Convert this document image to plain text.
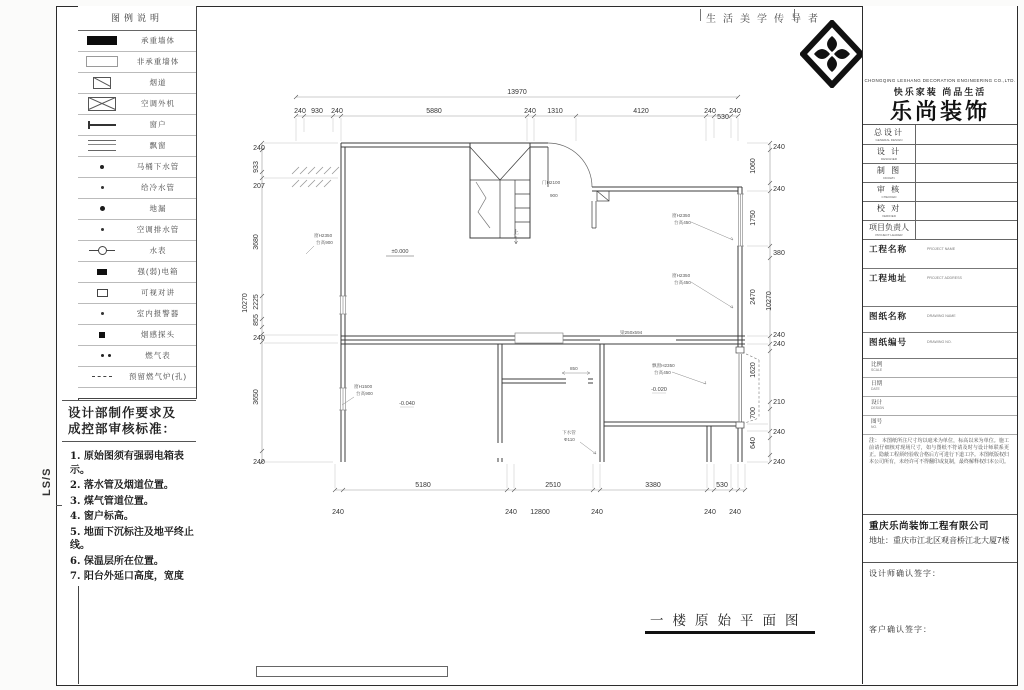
LS/S
图例说明
承重墙体
非承重墙体
烟道
空调外机
窗户
飘窗
马桶下水管
给冷水管
地漏
空调排水管
水表
强(弱)电箱
可视对讲
室内报警器
烟感探头
燃气表
预留燃气炉(孔)
设计部制作要求及
成控部审核标准：
1. 原始图须有强弱电箱表示。
2. 落水管及烟道位置。
3. 煤气管道位置。
4. 窗户标高。
5. 地面下沉标注及地平终止线。
6. 保温层所在位置。
7. 阳台外延口高度，宽度
生活美学传导者
13970
240 930 240	5880	240 1310	4120	240
530
240
240
933
207
3680
2225
855
240
3650
240
10270
240
240
380
240
240
210
240
240
1060
1750
2470
1620
700
640
10270
5180	2510	3380	530
240	240 12800	240	240 240
±0.000
-0.040
-0.020
上
门H2100
900
窗H2350
台高450
窗H2350
台高450
窗H2350
台高900
窗H1500
台高900
飘窗H2350
台高450
梁250x594
850
下水管
Ф110
一楼原始平面图
CHONGQING LESHANG DECORATION ENGINEERING CO.,LTD.
快乐家装 尚品生活
乐尚装饰
总设计
GENERAL DESIGN
设 计
DESIGNER
制 图
DRAWN
审 核
CHECKED
校 对
VERIFIED
项目负责人
PROJECT LEADER
工程名称	PROJECT NAME
工程地址	PROJECT ADDRESS
图纸名称	DRAWING NAME
图纸编号	DRAWING NO.
比例
SCALE
日期
DATE
设计
DESIGN
图号
NO.
注： 本图纸所注尺寸均以毫米为单位，标高以米为单位。施工前请仔细核对现场尺寸，如与图纸不符请及时与设计师联系更正。隐蔽工程须经验收合格后方可进行下道工序。本图纸版权归本公司所有，未经许可不得翻印或复制，最终解释权归本公司。
重庆乐尚装饰工程有限公司
地址：重庆市江北区观音桥江北大厦7楼
设计师确认签字：
客户确认签字：
